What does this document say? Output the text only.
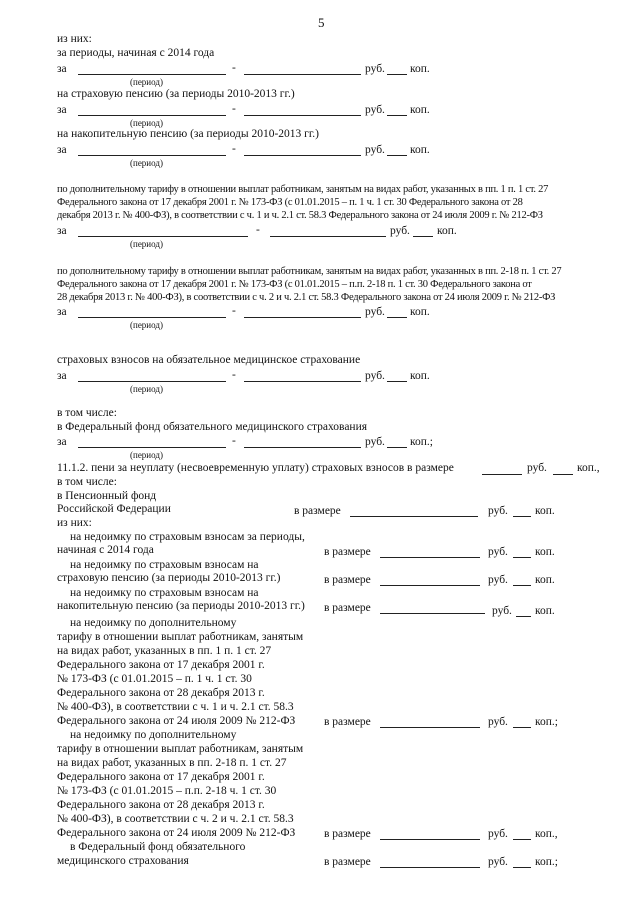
5
из них:
за периоды, начиная с 2014 года
за	-	руб. коп.
(период)
на страховую пенсию (за периоды 2010-2013 гг.)
за	-	руб. коп.
(период)
на накопительную пенсию (за периоды 2010-2013 гг.)
за	-	руб. коп.
(период)
по дополнительному тарифу в отношении выплат работникам, занятым на видах работ, указанных в пп. 1 п. 1 ст. 27
Федерального закона от 17 декабря 2001 г. № 173-ФЗ (с 01.01.2015 – п. 1 ч. 1 ст. 30 Федерального закона от 28
декабря 2013 г. № 400-ФЗ), в соответствии с ч. 1 и ч. 2.1 ст. 58.3 Федерального закона от 24 июля 2009 г. № 212-ФЗ
за	-	руб. коп.
(период)
по дополнительному тарифу в отношении выплат работникам, занятым на видах работ, указанных в пп. 2-18 п. 1 ст. 27
Федерального закона от 17 декабря 2001 г. № 173-ФЗ (с 01.01.2015 – п.п. 2-18 п. 1 ст. 30 Федерального закона от
28 декабря 2013 г. № 400-ФЗ), в соответствии с ч. 2 и ч. 2.1 ст. 58.3 Федерального закона от 24 июля 2009 г. № 212-ФЗ
за	-	руб. коп.
(период)
страховых взносов на обязательное медицинское страхование
за	-	руб. коп.
(период)
в том числе:
в Федеральный фонд обязательного медицинского страхования
за	-	руб. коп.;
(период)
11.1.2. пени за неуплату (несвоевременную уплату) страховых взносов в размере	руб.	коп.,
в том числе:
в Пенсионный фонд
Российской Федерации	в размере	руб. коп.
из них:
на недоимку по страховым взносам за периоды,
начиная с 2014 года	в размере	руб. коп.
на недоимку по страховым взносам на
страховую пенсию (за периоды 2010-2013 гг.)	в размере	руб. коп.
на недоимку по страховым взносам на
накопительную пенсию (за периоды 2010-2013 гг.) в размере	руб. коп.
на недоимку по дополнительному
тарифу в отношении выплат работникам, занятым
на видах работ, указанных в пп. 1 п. 1 ст. 27
Федерального закона от 17 декабря 2001 г.
№ 173-ФЗ (с 01.01.2015 – п. 1 ч. 1 ст. 30
Федерального закона от 28 декабря 2013 г.
№ 400-ФЗ), в соответствии с ч. 1 и ч. 2.1 ст. 58.3
Федерального закона от 24 июля 2009 № 212-ФЗ в размере	руб. коп.;
на недоимку по дополнительному
тарифу в отношении выплат работникам, занятым
на видах работ, указанных в пп. 2-18 п. 1 ст. 27
Федерального закона от 17 декабря 2001 г.
№ 173-ФЗ (с 01.01.2015 – п.п. 2-18 ч. 1 ст. 30
Федерального закона от 28 декабря 2013 г.
№ 400-ФЗ), в соответствии с ч. 2 и ч. 2.1 ст. 58.3
Федерального закона от 24 июля 2009 № 212-ФЗ в размере	руб. коп.,
в Федеральный фонд обязательного
медицинского страхования	в размере	руб. коп.;
